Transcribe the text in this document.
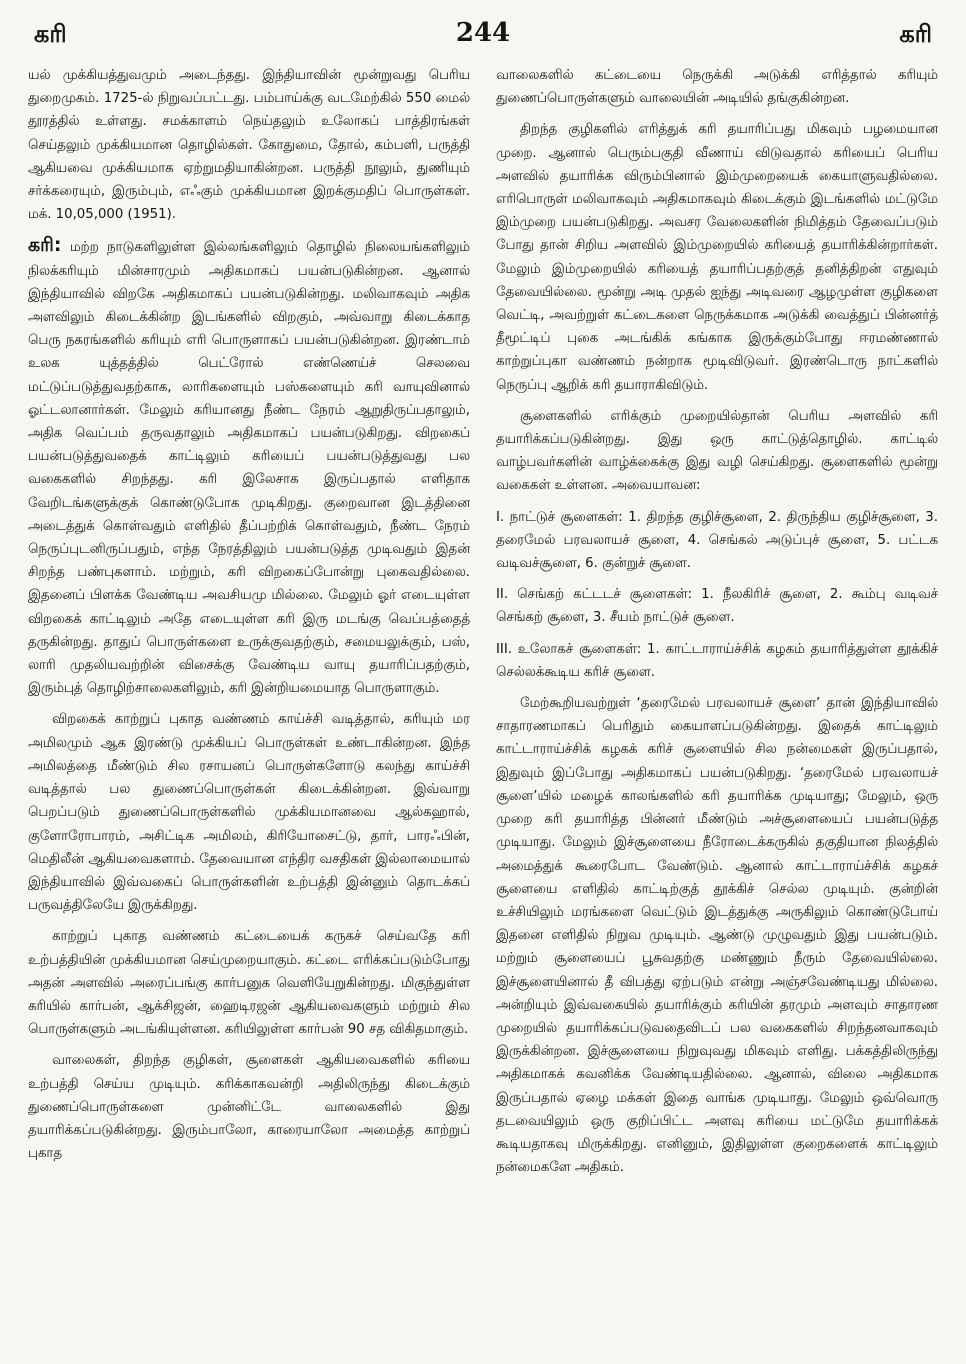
கரி	244	கரி

யல் முக்கியத்துவமும் அடைந்தது. இந்தியாவின் மூன்றுவது பெரிய துறைமுகம். 1725-ல் நிறுவப்பட்டது. பம்பாய்க்கு வடமேற்கில் 550 மைல் தூரத்தில் உள்ளது. சமக்காளம் நெய்தலும் உலோகப் பாத்திரங்கள் செய்தலும் முக்கியமான தொழில்கள். கோதுமை, தோல், கம்பளி, பருத்தி ஆகியவை முக்கியமாக ஏற்றுமதியாகின்றன. பருத்தி நூலும், துணியும் சர்க்கரையும், இரும்பும், எஃகும் முக்கியமான இறக்குமதிப் பொருள்கள். மக். 10,05,000 (1951).

கரி: மற்ற நாடுகளிலுள்ள இல்லங்களிலும் தொழில் நிலையங்களிலும் நிலக்கரியும் மின்சாரமும் அதிகமாகப் பயன்படுகின்றன. ஆனால் இந்தியாவில் விறகே அதிகமாகப் பயன்படுகின்றது. மலிவாகவும் அதிக அளவிலும் கிடைக்கின்ற இடங்களில் விறகும், அவ்வாறு கிடைக்காத பெரு நகரங்களில் கரியும் எரி பொருளாகப் பயன்படுகின்றன. இரண்டாம் உலக யுத்தத்தில் பெட்ரோல் எண்ணெய்ச் செலவை மட்டுப்படுத்துவதற்காக, லாரிகளையும் பஸ்களையும் கரி வாயுவினால் ஓட்டலானார்கள். மேலும் கரியானது நீண்ட நேரம் ஆறுதிருப்பதாலும், அதிக வெப்பம் தருவதாலும் அதிகமாகப் பயன்படுகிறது. விறகைப் பயன்படுத்துவதைக் காட்டிலும் கரியைப் பயன்படுத்துவது பல வகைகளில் சிறந்தது. கரி இலேசாக இருப்பதால் எளிதாக வேறிடங்களுக்குக் கொண்டுபோக முடிகிறது. குறைவான இடத்தினை அடைத்துக் கொள்வதும் எளிதில் தீப்பற்றிக் கொள்வதும், நீண்ட நேரம் நெருப்புடனிருப்பதும், எந்த நேரத்திலும் பயன்படுத்த முடிவதும் இதன் சிறந்த பண்புகளாம். மற்றும், கரி விறகைப்போன்று புகைவதில்லை. இதனைப் பிளக்க வேண்டிய அவசியமு மில்லை. மேலும் ஓர் எடையுள்ள விறகைக் காட்டிலும் அதே எடையுள்ள கரி இரு மடங்கு வெப்பத்தைத் தருகின்றது. தாதுப் பொருள்களை உருக்குவதற்கும், சமையலுக்கும், பஸ், லாரி முதலியவற்றின் விசைக்கு வேண்டிய வாயு தயாரிப்பதற்கும், இரும்புத் தொழிற்சாலைகளிலும், கரி இன்றியமையாத பொருளாகும்.

விறகைக் காற்றுப் புகாத வண்ணம் காய்ச்சி வடித்தால், கரியும் மர அமிலமும் ஆக இரண்டு முக்கியப் பொருள்கள் உண்டாகின்றன. இந்த அமிலத்தை மீண்டும் சில ரசாயனப் பொருள்களோடு கலந்து காய்ச்சி வடித்தால் பல துணைப்பொருள்கள் கிடைக்கின்றன. இவ்வாறு பெறப்படும் துணைப்பொருள்களில் முக்கியமானவை ஆல்கஹால், குளோரோபாரம், அசிட்டிக அமிலம், கிரியோசைட்டு, தார், பாரஃபின், மெதிலீன் ஆகியவைகளாம். தேவையான எந்திர வசதிகள் இல்லாமையால் இந்தியாவில் இவ்வகைப் பொருள்களின் உற்பத்தி இன்னும் தொடக்கப் பருவத்திலேயே இருக்கிறது.

காற்றுப் புகாத வண்ணம் கட்டையைக் கருகச் செய்வதே கரி உற்பத்தியின் முக்கியமான செய்முறையாகும். கட்டை எரிக்கப்படும்போது அதன் அளவில் அரைப்பங்கு கார்பனுக வெளியேறுகின்றது. மிகுந்துள்ள கரியில் கார்பன், ஆக்சிஜன், ஹைடிரஜன் ஆகியவைகளும் மற்றும் சில பொருள்களும் அடங்கியுள்ளன. கரியிலுள்ள கார்பன் 90 சத விகிதமாகும்.

வாலைகள், திறந்த குழிகள், சூளைகள் ஆகியவைகளில் கரியை உற்பத்தி செய்ய முடியும். கரிக்காகவன்றி அதிலிருந்து கிடைக்கும் துணைப்பொருள்களை முன்னிட்டே வாலைகளில் இது தயாரிக்கப்படுகின்றது. இரும்பாலோ, காரையாலோ அமைத்த காற்றுப் புகாத

வாலைகளில் கட்டையை நெருக்கி அடுக்கி எரித்தால் கரியும் துணைப்பொருள்களும் வாலையின் அடியில் தங்குகின்றன.

திறந்த குழிகளில் எரித்துக் கரி தயாரிப்பது மிகவும் பழமையான முறை. ஆனால் பெரும்பகுதி வீணாய் விடுவதால் கரியைப் பெரிய அளவில் தயாரிக்க விரும்பினால் இம்முறையைக் கையாளுவதில்லை. எரிபொருள் மலிவாகவும் அதிகமாகவும் கிடைக்கும் இடங்களில் மட்டுமே இம்முறை பயன்படுகிறது. அவசர வேலைகளின் நிமித்தம் தேவைப்படும் போது தான் சிறிய அளவில் இம்முறையில் கரியைத் தயாரிக்கின்றார்கள். மேலும் இம்முறையில் கரியைத் தயாரிப்பதற்குத் தனித்திறன் எதுவும் தேவையில்லை. மூன்று அடி முதல் ஐந்து அடிவரை ஆழமுள்ள குழிகளை வெட்டி, அவற்றுள் கட்டைகளை நெருக்கமாக அடுக்கி வைத்துப் பின்னர்த் தீமூட்டிப் புகை அடங்கிக் கங்காக இருக்கும்போது ஈரமண்ணால் காற்றுப்புகா வண்ணம் நன்றாக மூடிவிடுவர். இரண்டொரு நாட்களில் நெருப்பு ஆறிக் கரி தயாராகிவிடும்.

சூளைகளில் எரிக்கும் முறையில்தான் பெரிய அளவில் கரி தயாரிக்கப்படுகின்றது. இது ஒரு காட்டுத்தொழில். காட்டில் வாழ்பவர்களின் வாழ்க்கைக்கு இது வழி செய்கிறது. சூளைகளில் மூன்று வகைகள் உள்ளன. அவையாவன:

I. நாட்டுச் சூளைகள்: 1. திறந்த குழிச்சூளை, 2. திருந்திய குழிச்சூளை, 3. தரைமேல் பரவலாயச் சூளை, 4. செங்கல் அடுப்புச் சூளை, 5. பட்டக வடிவச்சூளை, 6. குன்றுச் சூளை.

II. செங்கற் கட்டடச் சூளைகள்: 1. நீலகிரிச் சூளை, 2. கூம்பு வடிவச் செங்கற் சூளை, 3. சீயம் நாட்டுச் சூளை.

III. உலோகச் சூளைகள்: 1. காட்டாராய்ச்சிக் கழகம் தயாரித்துள்ள தூக்கிச் செல்லக்கூடிய கரிச் சூளை.

மேற்கூறியவற்றுள் ‘தரைமேல் பரவலாயச் சூளை’ தான் இந்தியாவில் சாதாரணமாகப் பெரிதும் கையாளப்படுகின்றது. இதைக் காட்டிலும் காட்டாராய்ச்சிக் கழகக் கரிச் சூளையில் சில நன்மைகள் இருப்பதால், இதுவும் இப்போது அதிகமாகப் பயன்படுகிறது. ‘தரைமேல் பரவலாயச் சூளை’யில் மழைக் காலங்களில் கரி தயாரிக்க முடியாது; மேலும், ஒரு முறை கரி தயாரித்த பின்னர் மீண்டும் அச்சூளையைப் பயன்படுத்த முடியாது. மேலும் இச்சூளையை நீரோடைக்கருகில் தகுதியான நிலத்தில் அமைத்துக் கூரைபோட வேண்டும். ஆனால் காட்டாராய்ச்சிக் கழகச் சூளையை எளிதில் காட்டிற்குத் தூக்கிச் செல்ல முடியும். குன்றின் உச்சியிலும் மரங்களை வெட்டும் இடத்துக்கு அருகிலும் கொண்டுபோய் இதனை எளிதில் நிறுவ முடியும். ஆண்டு முழுவதும் இது பயன்படும். மற்றும் சூளையைப் பூசுவதற்கு மண்ணும் நீரும் தேவையில்லை. இச்சூளையினால் தீ விபத்து ஏற்படும் என்று அஞ்சவேண்டியது மில்லை. அன்றியும் இவ்வகையில் தயாரிக்கும் கரியின் தரமும் அளவும் சாதாரண முறையில் தயாரிக்கப்படுவதைவிடப் பல வகைகளில் சிறந்தனவாகவும் இருக்கின்றன. இச்சூளையை நிறுவுவது மிகவும் எளிது. பக்கத்திலிருந்து அதிகமாகக் கவனிக்க வேண்டியதில்லை. ஆனால், விலை அதிகமாக இருப்பதால் ஏழை மக்கள் இதை வாங்க முடியாது. மேலும் ஒவ்வொரு தடவையிலும் ஒரு குறிப்பிட்ட அளவு கரியை மட்டுமே தயாரிக்கக் கூடியதாகவு மிருக்கிறது. எனினும், இதிலுள்ள குறைகளைக் காட்டிலும் நன்மைகளே அதிகம்.
